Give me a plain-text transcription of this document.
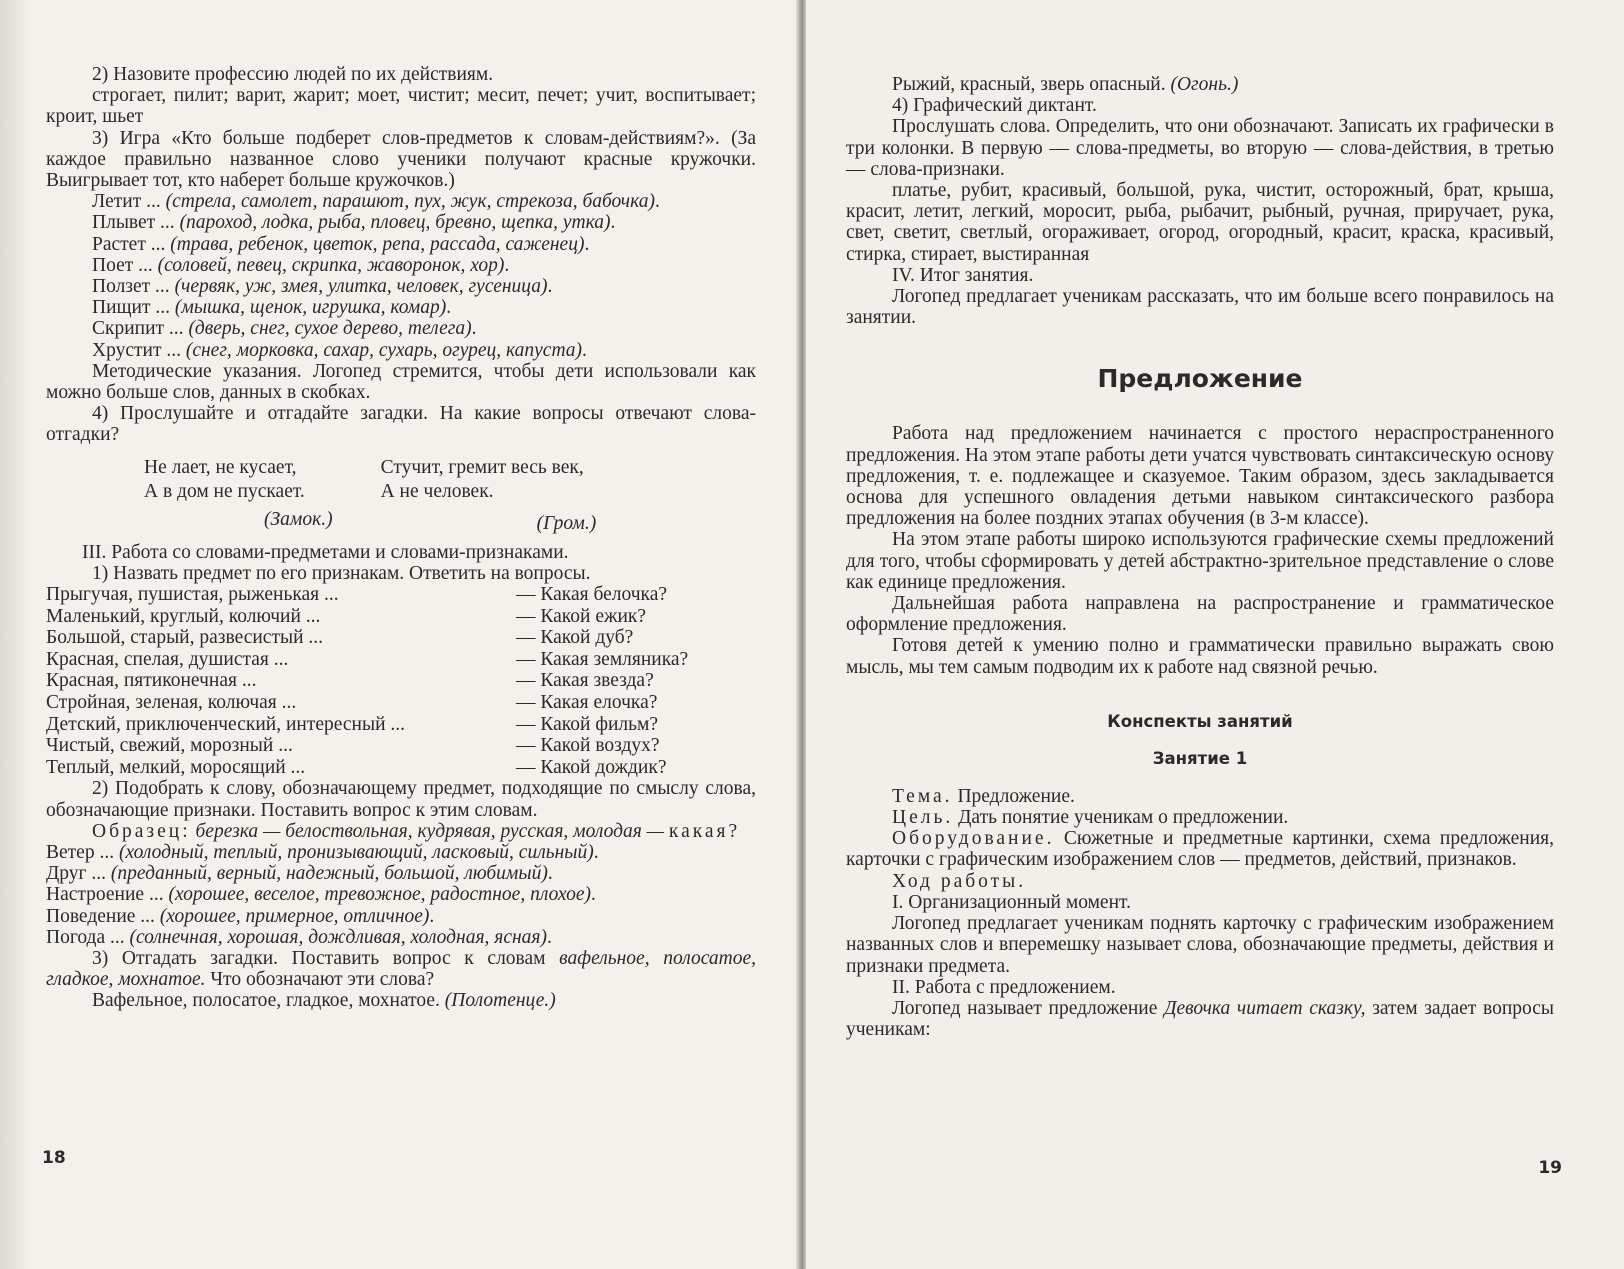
2) Назовите профессию людей по их действиям.

строгает, пилит; варит, жарит; моет, чистит; месит, печет; учит, воспитывает; кроит, шьет

3) Игра «Кто больше подберет слов-предметов к словам-действиям?». (За каждое правильно названное слово ученики получают красные кружочки. Выигрывает тот, кто наберет больше кружочков.)

Летит ... (стрела, самолет, парашют, пух, жук, стрекоза, бабочка).

Плывет ... (пароход, лодка, рыба, пловец, бревно, щепка, утка).

Растет ... (трава, ребенок, цветок, репа, рассада, саженец).

Поет ... (соловей, певец, скрипка, жаворонок, хор).

Ползет ... (червяк, уж, змея, улитка, человек, гусеница).

Пищит ... (мышка, щенок, игрушка, комар).

Скрипит ... (дверь, снег, сухое дерево, телега).

Хрустит ... (снег, морковка, сахар, сухарь, огурец, капуста).

Методические указания. Логопед стремится, чтобы дети использовали как можно больше слов, данных в скобках.

4) Прослушайте и отгадайте загадки. На какие вопросы отвечают слова-отгадки?

Не лает, не кусает,
А в дом не пускает.
(Замок.)
Стучит, гремит весь век,
А не человек.
(Гром.)

III. Работа со словами-предметами и словами-признаками.

1) Назвать предмет по его признакам. Ответить на вопросы.

Прыгучая, пушистая, рыженькая ...	— Какая белочка?
Маленький, круглый, колючий ...	— Какой ежик?
Большой, старый, развесистый ...	— Какой дуб?
Красная, спелая, душистая ...	— Какая земляника?
Красная, пятиконечная ...	— Какая звезда?
Стройная, зеленая, колючая ...	— Какая елочка?
Детский, приключенческий, интересный ...	— Какой фильм?
Чистый, свежий, морозный ...	— Какой воздух?
Теплый, мелкий, моросящий ...	— Какой дождик?

2) Подобрать к слову, обозначающему предмет, подходящие по смыслу слова, обозначающие признаки. Поставить вопрос к этим словам.

Образец: березка — белоствольная, кудрявая, русская, молодая — какая?

Ветер ... (холодный, теплый, пронизывающий, ласковый, сильный).

Друг ... (преданный, верный, надежный, большой, любимый).

Настроение ... (хорошее, веселое, тревожное, радостное, плохое).

Поведение ... (хорошее, примерное, отличное).

Погода ... (солнечная, хорошая, дождливая, холодная, ясная).

3) Отгадать загадки. Поставить вопрос к словам вафельное, полосатое, гладкое, мохнатое. Что обозначают эти слова?

Вафельное, полосатое, гладкое, мохнатое. (Полотенце.)

18

Рыжий, красный, зверь опасный. (Огонь.)

4) Графический диктант.

Прослушать слова. Определить, что они обозначают. Записать их графически в три колонки. В первую — слова-предметы, во вторую — слова-действия, в третью — слова-признаки.

платье, рубит, красивый, большой, рука, чистит, осторожный, брат, крыша, красит, летит, легкий, моросит, рыба, рыбачит, рыбный, ручная, приручает, рука, свет, светит, светлый, огораживает, огород, огородный, красит, краска, красивый, стирка, стирает, выстиранная

IV. Итог занятия.

Логопед предлагает ученикам рассказать, что им больше всего понравилось на занятии.

Предложение

Работа над предложением начинается с простого нераспространенного предложения. На этом этапе работы дети учатся чувствовать синтаксическую основу предложения, т. е. подлежащее и сказуемое. Таким образом, здесь закладывается основа для успешного овладения детьми навыком синтаксического разбора предложения на более поздних этапах обучения (в 3-м классе).

На этом этапе работы широко используются графические схемы предложений для того, чтобы сформировать у детей абстрактно-зрительное представление о слове как единице предложения.

Дальнейшая работа направлена на распространение и грамматическое оформление предложения.

Готовя детей к умению полно и грамматически правильно выражать свою мысль, мы тем самым подводим их к работе над связной речью.

Конспекты занятий
Занятие 1

Тема. Предложение.

Цель. Дать понятие ученикам о предложении.

Оборудование. Сюжетные и предметные картинки, схема предложения, карточки с графическим изображением слов — предметов, действий, признаков.

Ход работы.

I. Организационный момент.

Логопед предлагает ученикам поднять карточку с графическим изображением названных слов и вперемешку называет слова, обозначающие предметы, действия и признаки предмета.

II. Работа с предложением.

Логопед называет предложение Девочка читает сказку, затем задает вопросы ученикам:

19
